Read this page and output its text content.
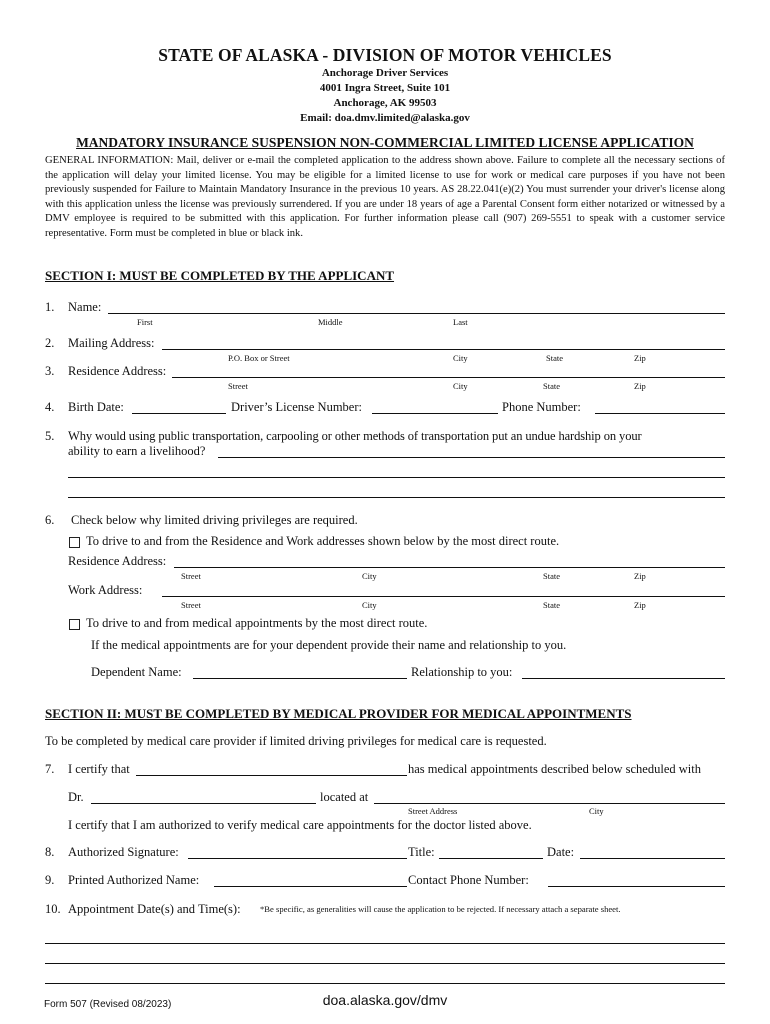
STATE OF ALASKA - DIVISION OF MOTOR VEHICLES
Anchorage Driver Services
4001 Ingra Street, Suite 101
Anchorage, AK 99503
Email: doa.dmv.limited@alaska.gov
MANDATORY INSURANCE SUSPENSION NON-COMMERCIAL LIMITED LICENSE APPLICATION
GENERAL INFORMATION: Mail, deliver or e-mail the completed application to the address shown above. Failure to complete all the necessary sections of the application will delay your limited license. You may be eligible for a limited license to use for work or medical care purposes if you have not been previously suspended for Failure to Maintain Mandatory Insurance in the previous 10 years. AS 28.22.041(e)(2) You must surrender your driver's license along with this application unless the license was previously surrendered. If you are under 18 years of age a Parental Consent form either notarized or witnessed by a DMV employee is required to be submitted with this application. For further information please call (907) 269-5551 to speak with a customer service representative. Form must be completed in blue or black ink.
SECTION I: MUST BE COMPLETED BY THE APPLICANT
1. Name:
First	Middle	Last
2. Mailing Address:
P.O. Box or Street	City	State	Zip
3. Residence Address:
Street	City	State	Zip
4. Birth Date:	Driver’s License Number:	Phone Number:
5. Why would using public transportation, carpooling or other methods of transportation put an undue hardship on your
ability to earn a livelihood?
6. Check below why limited driving privileges are required.
To drive to and from the Residence and Work addresses shown below by the most direct route.
Residence Address:
Street	City	State	Zip
Work Address:
Street	City	State	Zip
To drive to and from medical appointments by the most direct route.
If the medical appointments are for your dependent provide their name and relationship to you.
Dependent Name:	Relationship to you:
SECTION II: MUST BE COMPLETED BY MEDICAL PROVIDER FOR MEDICAL APPOINTMENTS
To be completed by medical care provider if limited driving privileges for medical care is requested.
7. I certify that	has medical appointments described below scheduled with
Dr.	located at
Street Address	City
I certify that I am authorized to verify medical care appointments for the doctor listed above.
8. Authorized Signature:	Title:	Date:
9. Printed Authorized Name:	Contact Phone Number:
10. Appointment Date(s) and Time(s): *Be specific, as generalities will cause the application to be rejected. If necessary attach a separate sheet.
Form 507 (Revised 08/2023)	doa.alaska.gov/dmv
